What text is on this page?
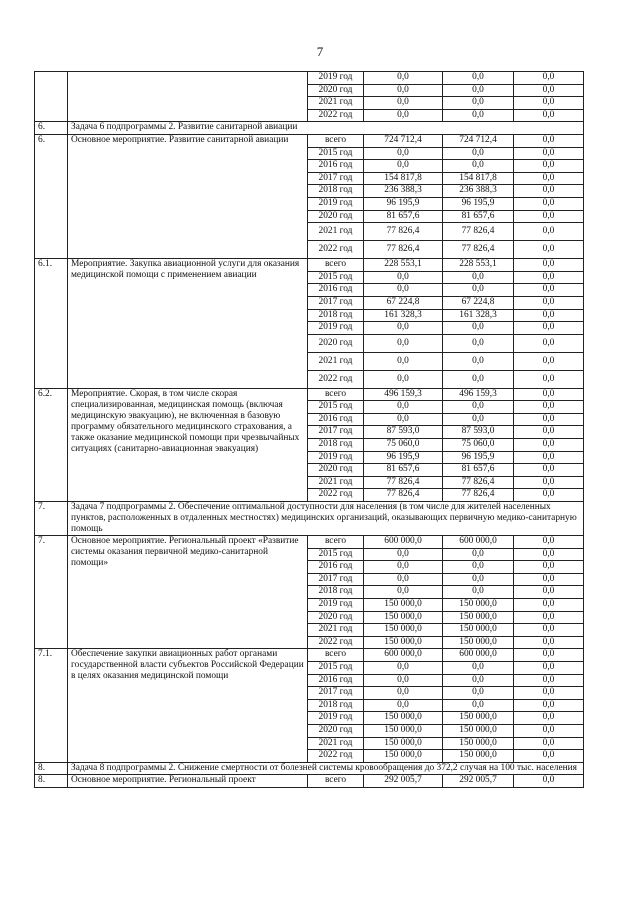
7
		2019 год	0,0	0,0	0,0
		2020 год	0,0	0,0	0,0
		2021 год	0,0	0,0	0,0
		2022 год	0,0	0,0	0,0
6.	Задача 6 подпрограммы 2. Развитие санитарной авиации				
6.	Основное мероприятие. Развитие санитарной авиации	всего	724 712,4	724 712,4	0,0
		2015 год	0,0	0,0	0,0
		2016 год	0,0	0,0	0,0
		2017 год	154 817,8	154 817,8	0,0
		2018 год	236 388,3	236 388,3	0,0
		2019 год	96 195,9	96 195,9	0,0
		2020 год	81 657,6	81 657,6	0,0
		2021 год	77 826,4	77 826,4	0,0
		2022 год	77 826,4	77 826,4	0,0
6.1.	Мероприятие. Закупка авиационной услуги для оказания медицинской помощи с применением авиации	всего	228 553,1	228 553,1	0,0
		2015 год	0,0	0,0	0,0
		2016 год	0,0	0,0	0,0
		2017 год	67 224,8	67 224,8	0,0
		2018 год	161 328,3	161 328,3	0,0
		2019 год	0,0	0,0	0,0
		2020 год	0,0	0,0	0,0
		2021 год	0,0	0,0	0,0
		2022 год	0,0	0,0	0,0
6.2.	Мероприятие. Скорая, в том числе скорая специализированная, медицинская помощь (включая медицинскую эвакуацию), не включенная в базовую программу обязательного медицинского страхования, а также оказание медицинской помощи при чрезвычайных ситуациях (санитарно-авиационная эвакуация)	всего	496 159,3	496 159,3	0,0
		2015 год	0,0	0,0	0,0
		2016 год	0,0	0,0	0,0
		2017 год	87 593,0	87 593,0	0,0
		2018 год	75 060,0	75 060,0	0,0
		2019 год	96 195,9	96 195,9	0,0
		2020 год	81 657,6	81 657,6	0,0
		2021 год	77 826,4	77 826,4	0,0
		2022 год	77 826,4	77 826,4	0,0
7.	Задача 7 подпрограммы 2. Обеспечение оптимальной доступности для населения (в том числе для жителей населенных пунктов, расположенных в отдаленных местностях) медицинских организаций, оказывающих первичную медико-санитарную помощь				
7.	Основное мероприятие. Региональный проект «Развитие системы оказания первичной медико-санитарной помощи»	всего	600 000,0	600 000,0	0,0
		2015 год	0,0	0,0	0,0
		2016 год	0,0	0,0	0,0
		2017 год	0,0	0,0	0,0
		2018 год	0,0	0,0	0,0
		2019 год	150 000,0	150 000,0	0,0
		2020 год	150 000,0	150 000,0	0,0
		2021 год	150 000,0	150 000,0	0,0
		2022 год	150 000,0	150 000,0	0,0
7.1.	Обеспечение закупки авиационных работ органами государственной власти субъектов Российской Федерации в целях оказания медицинской помощи	всего	600 000,0	600 000,0	0,0
		2015 год	0,0	0,0	0,0
		2016 год	0,0	0,0	0,0
		2017 год	0,0	0,0	0,0
		2018 год	0,0	0,0	0,0
		2019 год	150 000,0	150 000,0	0,0
		2020 год	150 000,0	150 000,0	0,0
		2021 год	150 000,0	150 000,0	0,0
		2022 год	150 000,0	150 000,0	0,0
8.	Задача 8 подпрограммы 2. Снижение смертности от болезней системы кровообращения до 372,2 случая на 100 тыс. населения				
8.	Основное мероприятие. Региональный проект	всего	292 005,7	292 005,7	0,0
